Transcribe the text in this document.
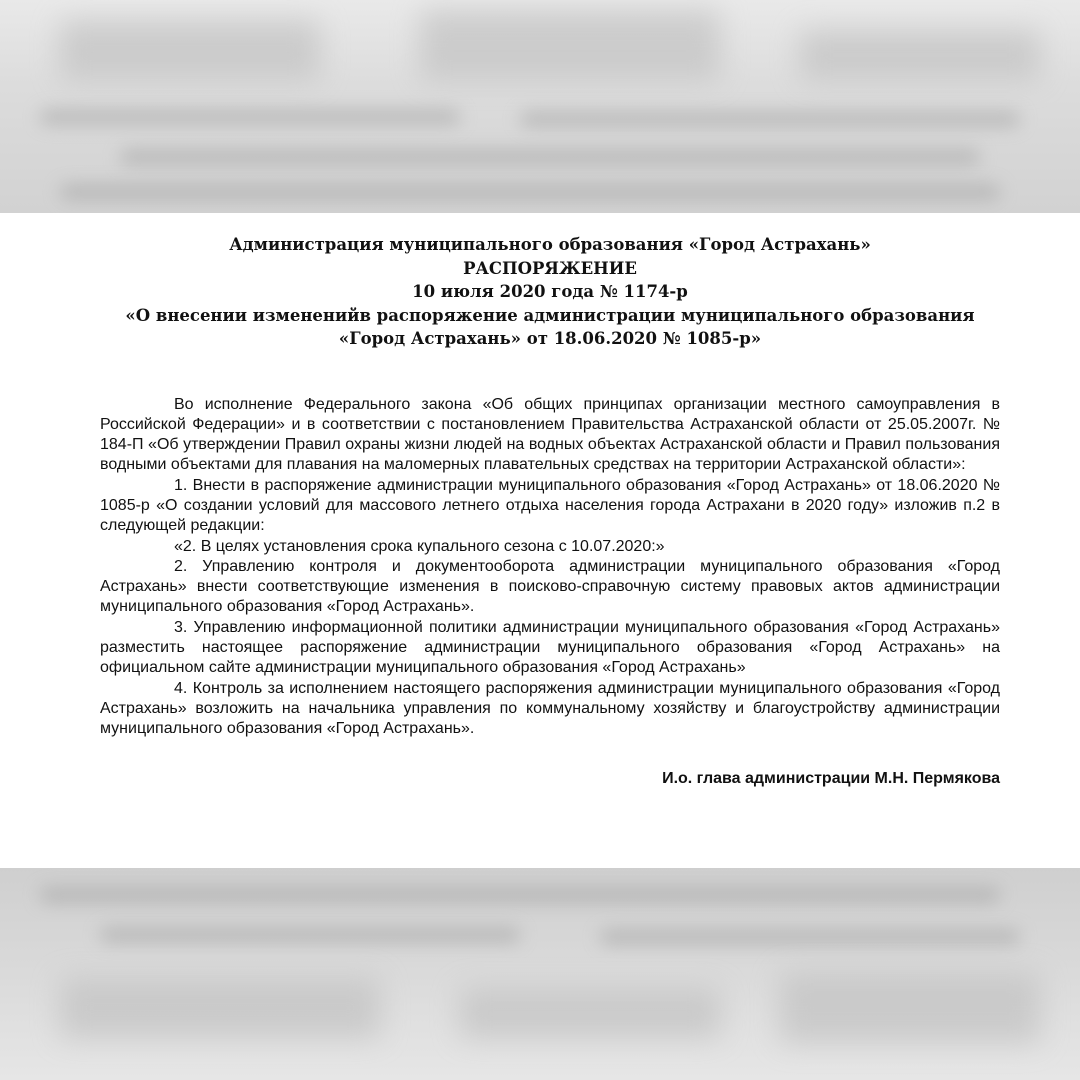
Администрация муниципального образования «Город Астрахань»
РАСПОРЯЖЕНИЕ
10 июля 2020 года № 1174-р
«О внесении измененийв распоряжение администрации муниципального образования
«Город Астрахань» от 18.06.2020 № 1085-р»

Во исполнение Федерального закона «Об общих принципах организации местного самоуправления в Российской Федерации» и в соответствии с постановлением Правительства Астраханской области от 25.05.2007г. № 184-П «Об утверждении Правил охраны жизни людей на водных объектах Астраханской области и Правил пользования водными объектами для плавания на маломерных плавательных средствах на территории Астраханской области»:

1. Внести в распоряжение администрации муниципального образования «Город Астрахань» от 18.06.2020 № 1085-р «О создании условий для массового летнего отдыха населения города Астрахани в 2020 году» изложив п.2 в следующей редакции:

«2. В целях установления срока купального сезона с 10.07.2020:»

2. Управлению контроля и документооборота администрации муниципального образования «Город Астрахань» внести соответствующие изменения в поисково-справочную систему правовых актов администрации муниципального образования «Город Астрахань».

3. Управлению информационной политики администрации муниципального образования «Город Астрахань» разместить настоящее распоряжение администрации муниципального образования «Город Астрахань» на официальном сайте администрации муниципального образования «Город Астрахань»

4. Контроль за исполнением настоящего распоряжения администрации муниципального образования «Город Астрахань» возложить на начальника управления по коммунальному хозяйству и благоустройству администрации муниципального образования «Город Астрахань».

И.о. глава администрации М.Н. Пермякова
